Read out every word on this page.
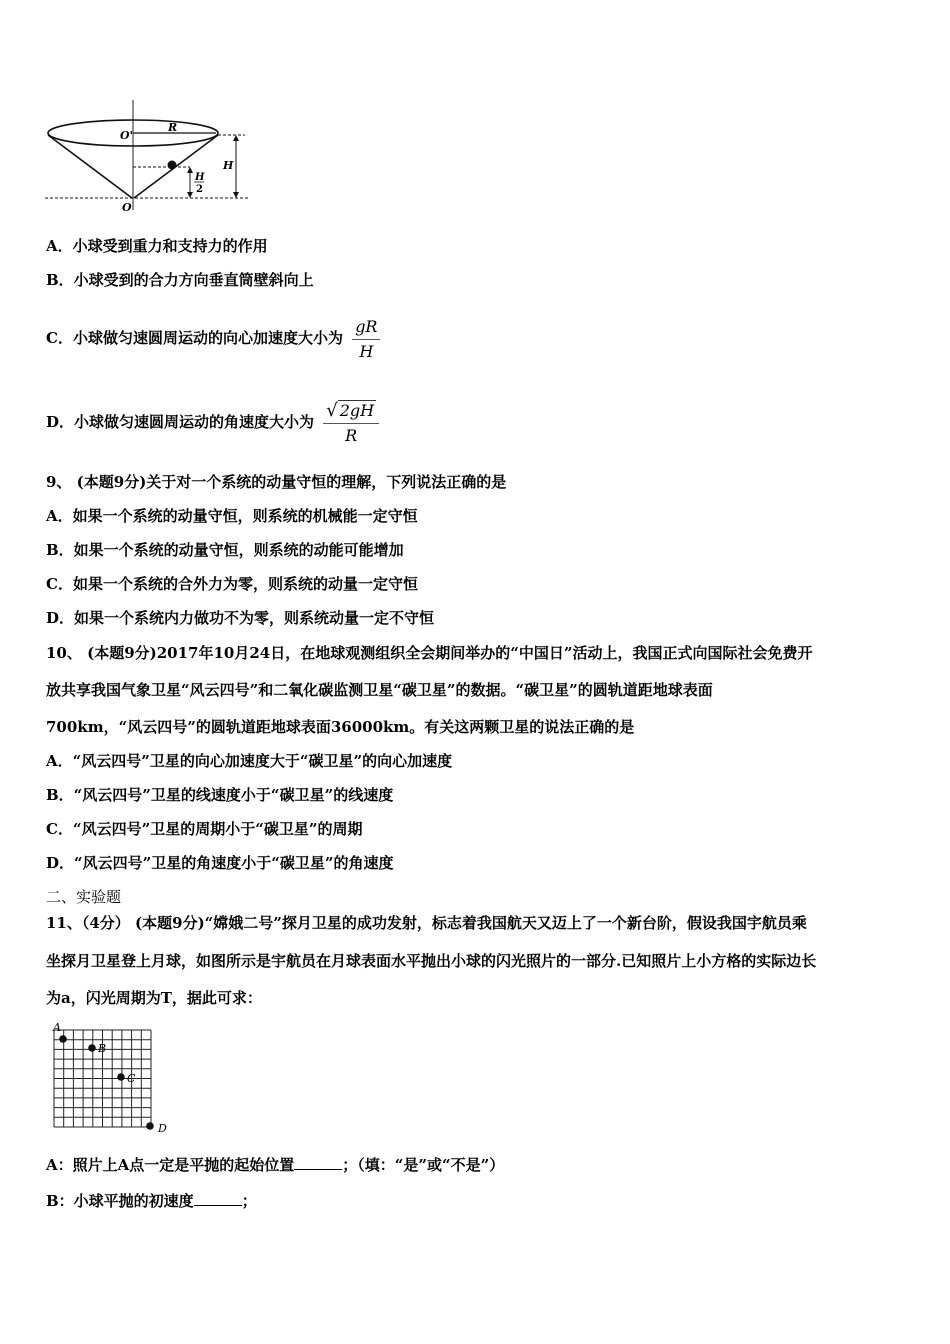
O'
R
H
H
2
O
A．小球受到重力和支持力的作用
B．小球受到的合力方向垂直筒壁斜向上
C．小球做匀速圆周运动的向心加速度大小为 $\frac{gR}{H}$
D．小球做匀速圆周运动的角速度大小为 $\frac{√ 2gH}{R}$
9、 (本题9分)关于对一个系统的动量守恒的理解，下列说法正确的是
A．如果一个系统的动量守恒，则系统的机械能一定守恒
B．如果一个系统的动量守恒，则系统的动能可能增加
C．如果一个系统的合外力为零，则系统的动量一定守恒
D．如果一个系统内力做功不为零，则系统动量一定不守恒
10、 (本题9分)2017年10月24日，在地球观测组织全会期间举办的“中国日”活动上，我国正式向国际社会免费开
放共享我国气象卫星“风云四号”和二氧化碳监测卫星“碳卫星”的数据。“碳卫星”的圆轨道距地球表面
700km，“风云四号”的圆轨道距地球表面36000km。有关这两颗卫星的说法正确的是
A．“风云四号”卫星的向心加速度大于“碳卫星”的向心加速度
B．“风云四号”卫星的线速度小于“碳卫星”的线速度
C．“风云四号”卫星的周期小于“碳卫星”的周期
D．“风云四号”卫星的角速度小于“碳卫星”的角速度
二、实验题
11、（4分） (本题9分)“嫦娥二号”探月卫星的成功发射，标志着我国航天又迈上了一个新台阶，假设我国宇航员乘
坐探月卫星登上月球，如图所示是宇航员在月球表面水平抛出小球的闪光照片的一部分.已知照片上小方格的实际边长
为a，闪光周期为T，据此可求：
A
B
C
D
A：照片上A点一定是平抛的起始位置	；（填：“是”或“不是”）
B：小球平抛的初速度	；
